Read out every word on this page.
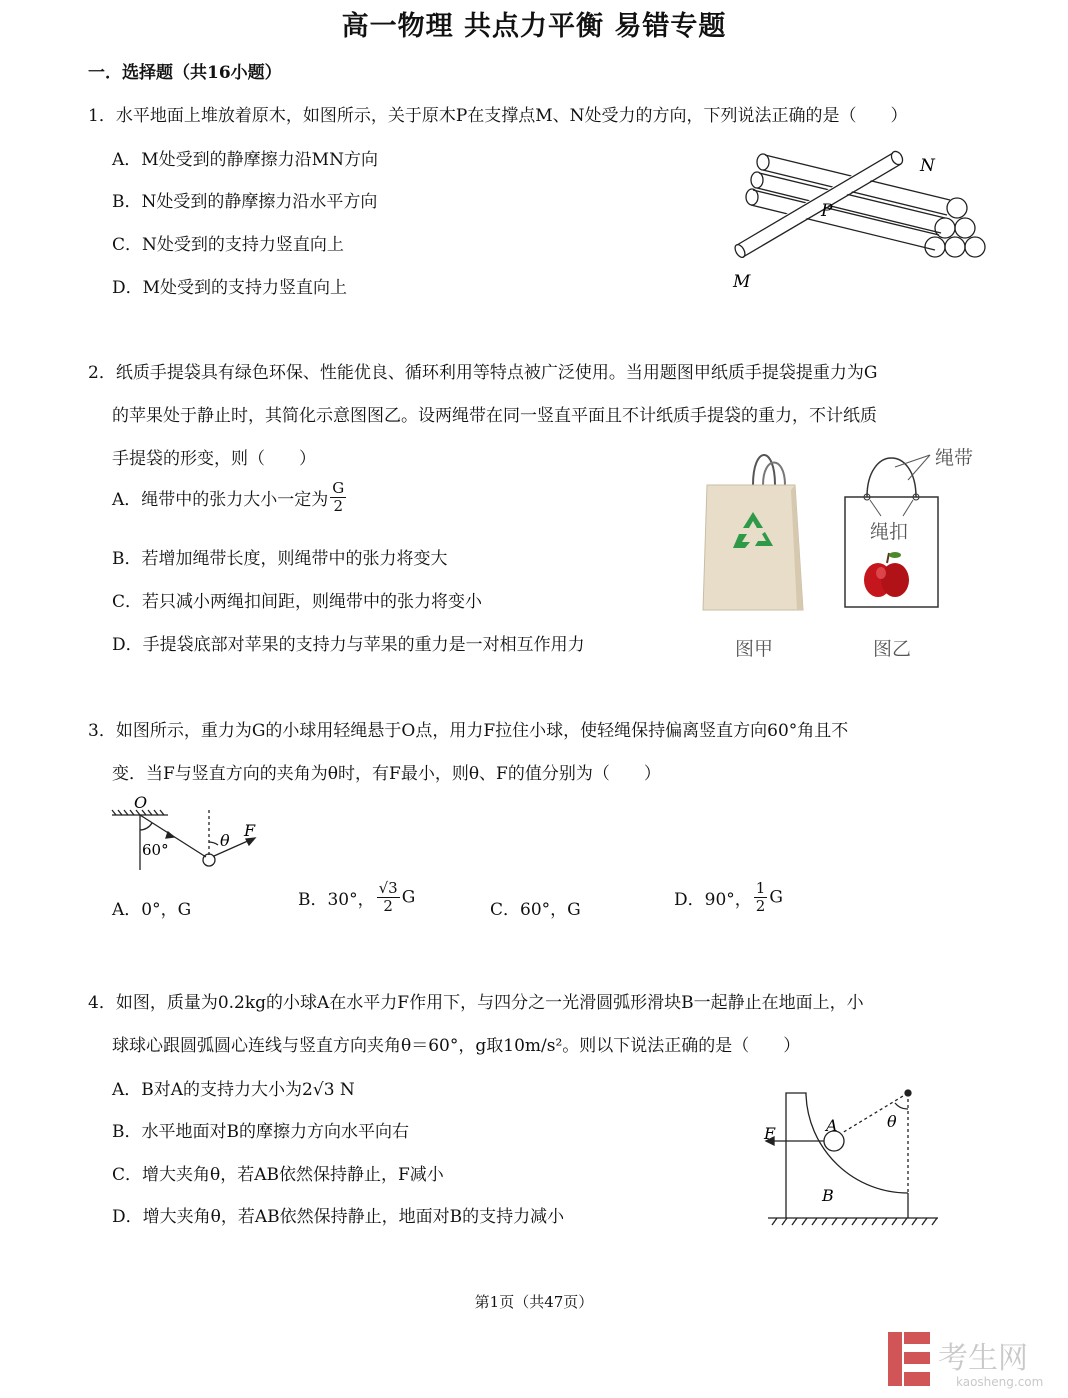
高一物理 共点力平衡 易错专题
一．选择题（共16小题）
1．水平地面上堆放着原木，如图所示，关于原木P在支撑点M、N处受力的方向，下列说法正确的是（　　）
A．M处受到的静摩擦力沿MN方向
B．N处受到的静摩擦力沿水平方向
C．N处受到的支持力竖直向上
D．M处受到的支持力竖直向上
N
P
M
2．纸质手提袋具有绿色环保、性能优良、循环利用等特点被广泛使用。当用题图甲纸质手提袋提重力为G
的苹果处于静止时，其简化示意图图乙。设两绳带在同一竖直平面且不计纸质手提袋的重力，不计纸质
手提袋的形变，则（　　）
A．绳带中的张力大小一定为 $\frac{G}{2}$
B．若增加绳带长度，则绳带中的张力将变大
C．若只减小两绳扣间距，则绳带中的张力将变小
D．手提袋底部对苹果的支持力与苹果的重力是一对相互作用力
绳带
绳扣
图甲	图乙
3．如图所示，重力为G的小球用轻绳悬于O点，用力F拉住小球，使轻绳保持偏离竖直方向60°角且不
变．当F与竖直方向的夹角为θ时，有F最小，则θ、F的值分别为（　　）
O
60°	θ
F
A．0°，G	B．30°， $\frac{√3}{2}$ G
C．60°，G	D．90°， $\frac{1}{2}$ G
4．如图，质量为0.2kg的小球A在水平力F作用下，与四分之一光滑圆弧形滑块B一起静止在地面上，小
球球心跟圆弧圆心连线与竖直方向夹角θ＝60°，g取10m/s²。则以下说法正确的是（　　）
A．B对A的支持力大小为2√3 N
B．水平地面对B的摩擦力方向水平向右
C．增大夹角θ，若AB依然保持静止，F减小
D．增大夹角θ，若AB依然保持静止，地面对B的支持力减小
F	A
B
θ
第1页（共47页）
考生网
kaosheng.com
